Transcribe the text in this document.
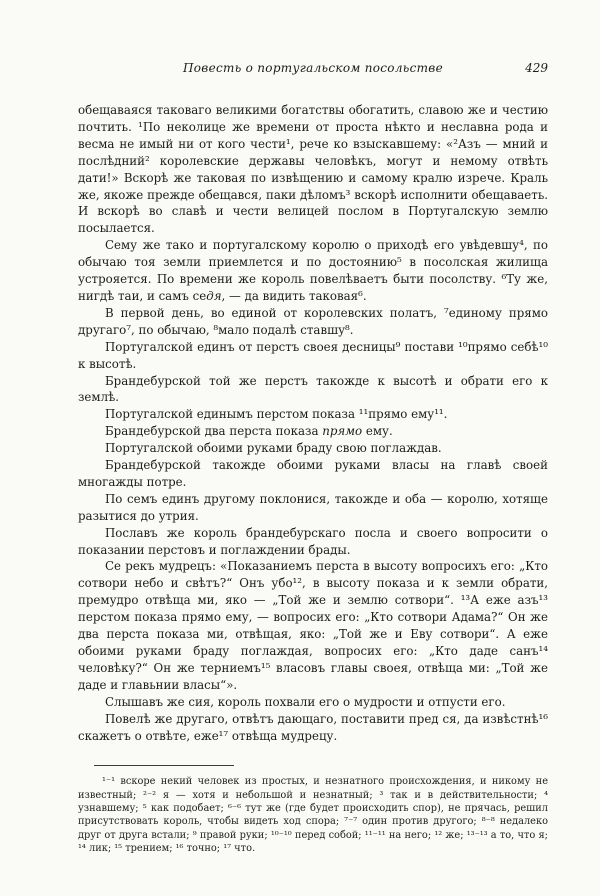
Повесть о португальском посольстве	429

обещаваяся таковаго великими богатствы обогатить, славою же и честию почтить. ¹По неколице же времени от проста нѣкто и неславна рода и весма не имый ни от кого чести¹, рече ко взыскавшему: «²Азъ — мний и послѣдний² королевские державы человѣкъ, могут и немому отвѣть дати!» Вскорѣ же таковая по извѣщению и самому кралю изрече. Краль же, якоже прежде обещався, паки дѣломъ³ вскорѣ исполнити обещаваеть. И вскорѣ во славѣ и чести велицей послом в Португалскую землю посылается.

Сему же тако и португалскому королю о приходѣ его увѣдевшу⁴, по обычаю тоя земли приемлется и по достоянию⁵ в посолская жилища устрояется. По времени же король повелѣваетъ быти посолству. ⁶Ту же, нигдѣ таи, и самъ седя, — да видить таковая⁶.

В первой день, во единой от королевских полатъ, ⁷единому прямо другаго⁷, по обычаю, ⁸мало подалѣ ставшу⁸.

Португалской единъ от перстъ своея десницы⁹ постави ¹⁰прямо себѣ¹⁰ к высотѣ.

Брандебурской той же перстъ такожде к высотѣ и обрати его к землѣ.

Португалской единымъ перстом показа ¹¹прямо ему¹¹.

Брандебурской два перста показа прямо ему.

Португалской обоими руками браду свою поглаждав.

Брандебурской такожде обоими руками власы на главѣ своей многажды потре.

По семъ единъ другому поклонися, такожде и оба — королю, хотяще разытися до утрия.

Пославъ же король брандебурскаго посла и своего вопросити о показании перстовъ и поглаждении брады.

Се рекъ мудрецъ: «Показаниемъ перста в высоту вопросихъ его: „Кто сотвори небо и свѣтъ?“ Онъ убо¹², в высоту показа и к земли обрати, премудро отвѣща ми, яко — „Той же и землю сотвори“. ¹³А еже азъ¹³ перстом показа прямо ему, — вопросих его: „Кто сотвори Адама?“ Он же два перста показа ми, отвѣщая, яко: „Той же и Еву сотвори“. А еже обоими руками браду поглаждая, вопросих его: „Кто даде санъ¹⁴ человѣку?“ Он же терниемъ¹⁵ власовъ главы своея, отвѣща ми: „Той же даде и главьнии власы“».

Слышавъ же сия, король похвали его о мудрости и отпусти его.

Повелѣ же другаго, отвѣтъ дающаго, поставити пред ся, да извѣстнѣ¹⁶ скажетъ о отвѣте, еже¹⁷ отвѣща мудрецу.

¹⁻¹ вскоре некий человек из простых, и незнатного происхождения, и никому не известный; ²⁻² я — хотя и небольшой и незнатный; ³ так и в действительности; ⁴ узнавшему; ⁵ как подобает; ⁶⁻⁶ тут же (где будет происходить спор), не прячась, решил присутствовать король, чтобы видеть ход спора; ⁷⁻⁷ один против другого; ⁸⁻⁸ недалеко друг от друга встали; ⁹ правой руки; ¹⁰⁻¹⁰ перед собой; ¹¹⁻¹¹ на него; ¹² же; ¹³⁻¹³ а то, что я; ¹⁴ лик; ¹⁵ трением; ¹⁶ точно; ¹⁷ что.
